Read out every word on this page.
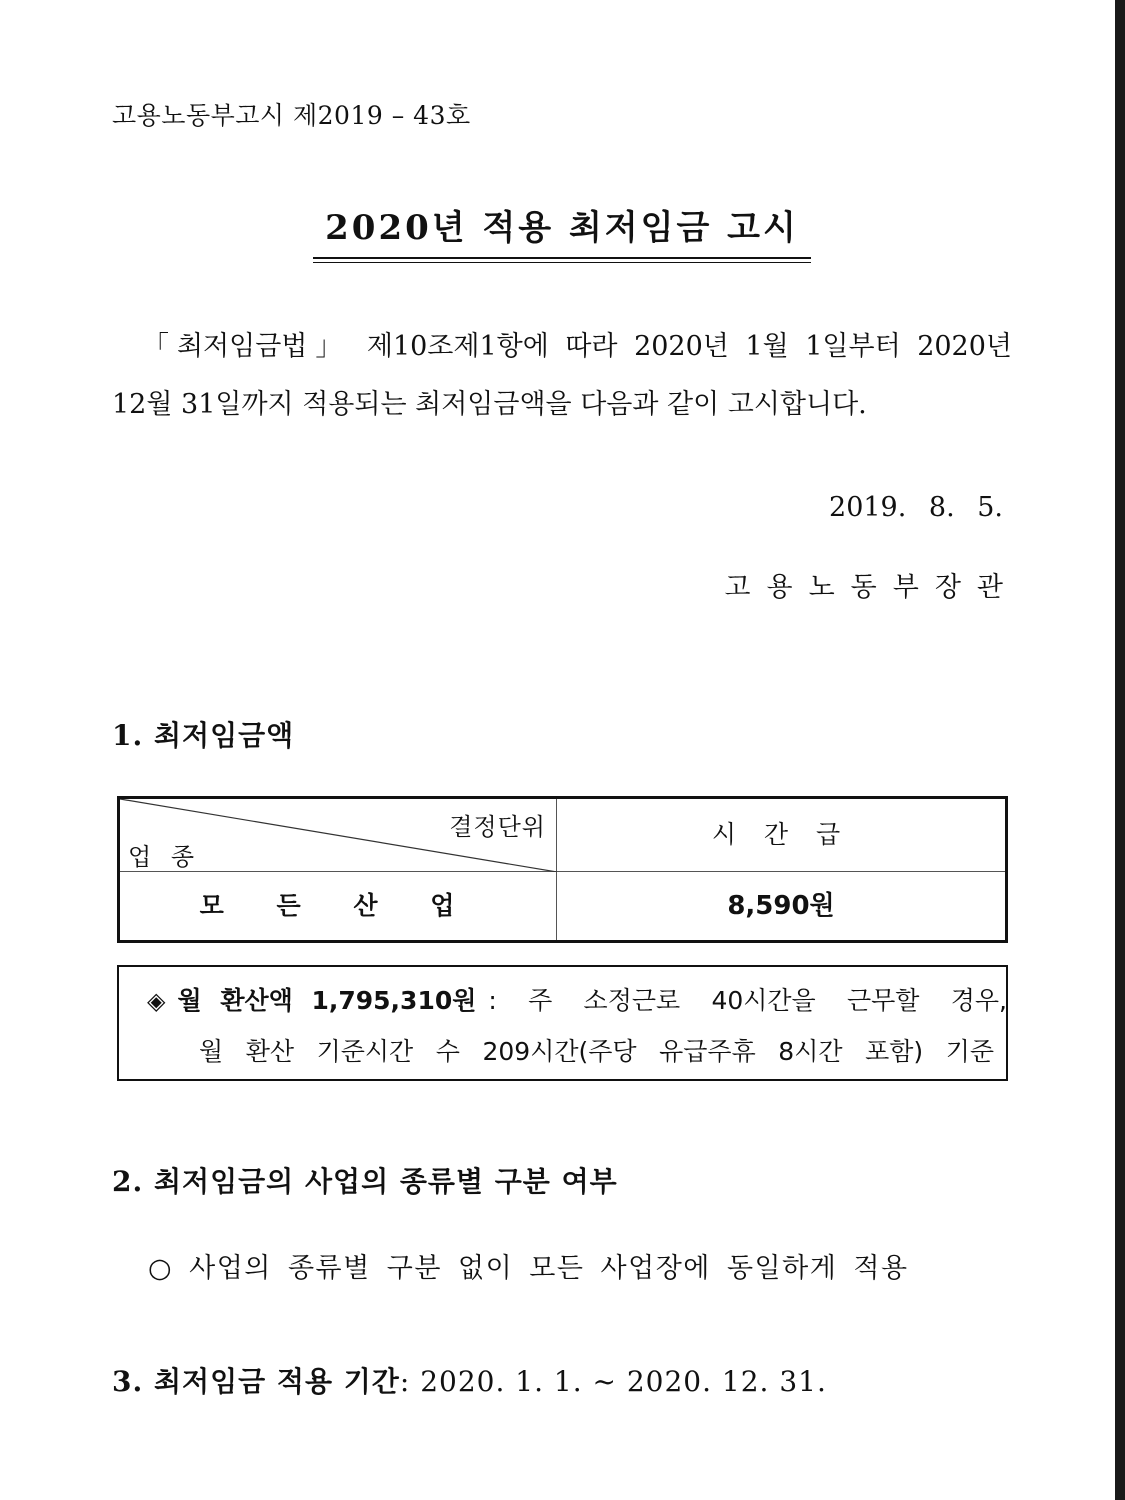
고용노동부고시 제2019 – 43호
2020년 적용 최저임금 고시
「최저임금법」 제10조제1항에 따라 2020년 1월 1일부터 2020년
12월 31일까지 적용되는 최저임금액을 다음과 같이 고시합니다.
2019. 8. 5.
고용노동부장관
1. 최저임금액
결정단위
업 종
시 간 급
모 든 산 업	8,590원
◈ 월 환산액 1,795,310원 : 주 소정근로 40시간을 근무할 경우,
월 환산 기준시간 수 209시간(주당 유급주휴 8시간 포함) 기준
2. 최저임금의 사업의 종류별 구분 여부
○ 사업의 종류별 구분 없이 모든 사업장에 동일하게 적용
3. 최저임금 적용 기간: 2020. 1. 1. ~ 2020. 12. 31.
